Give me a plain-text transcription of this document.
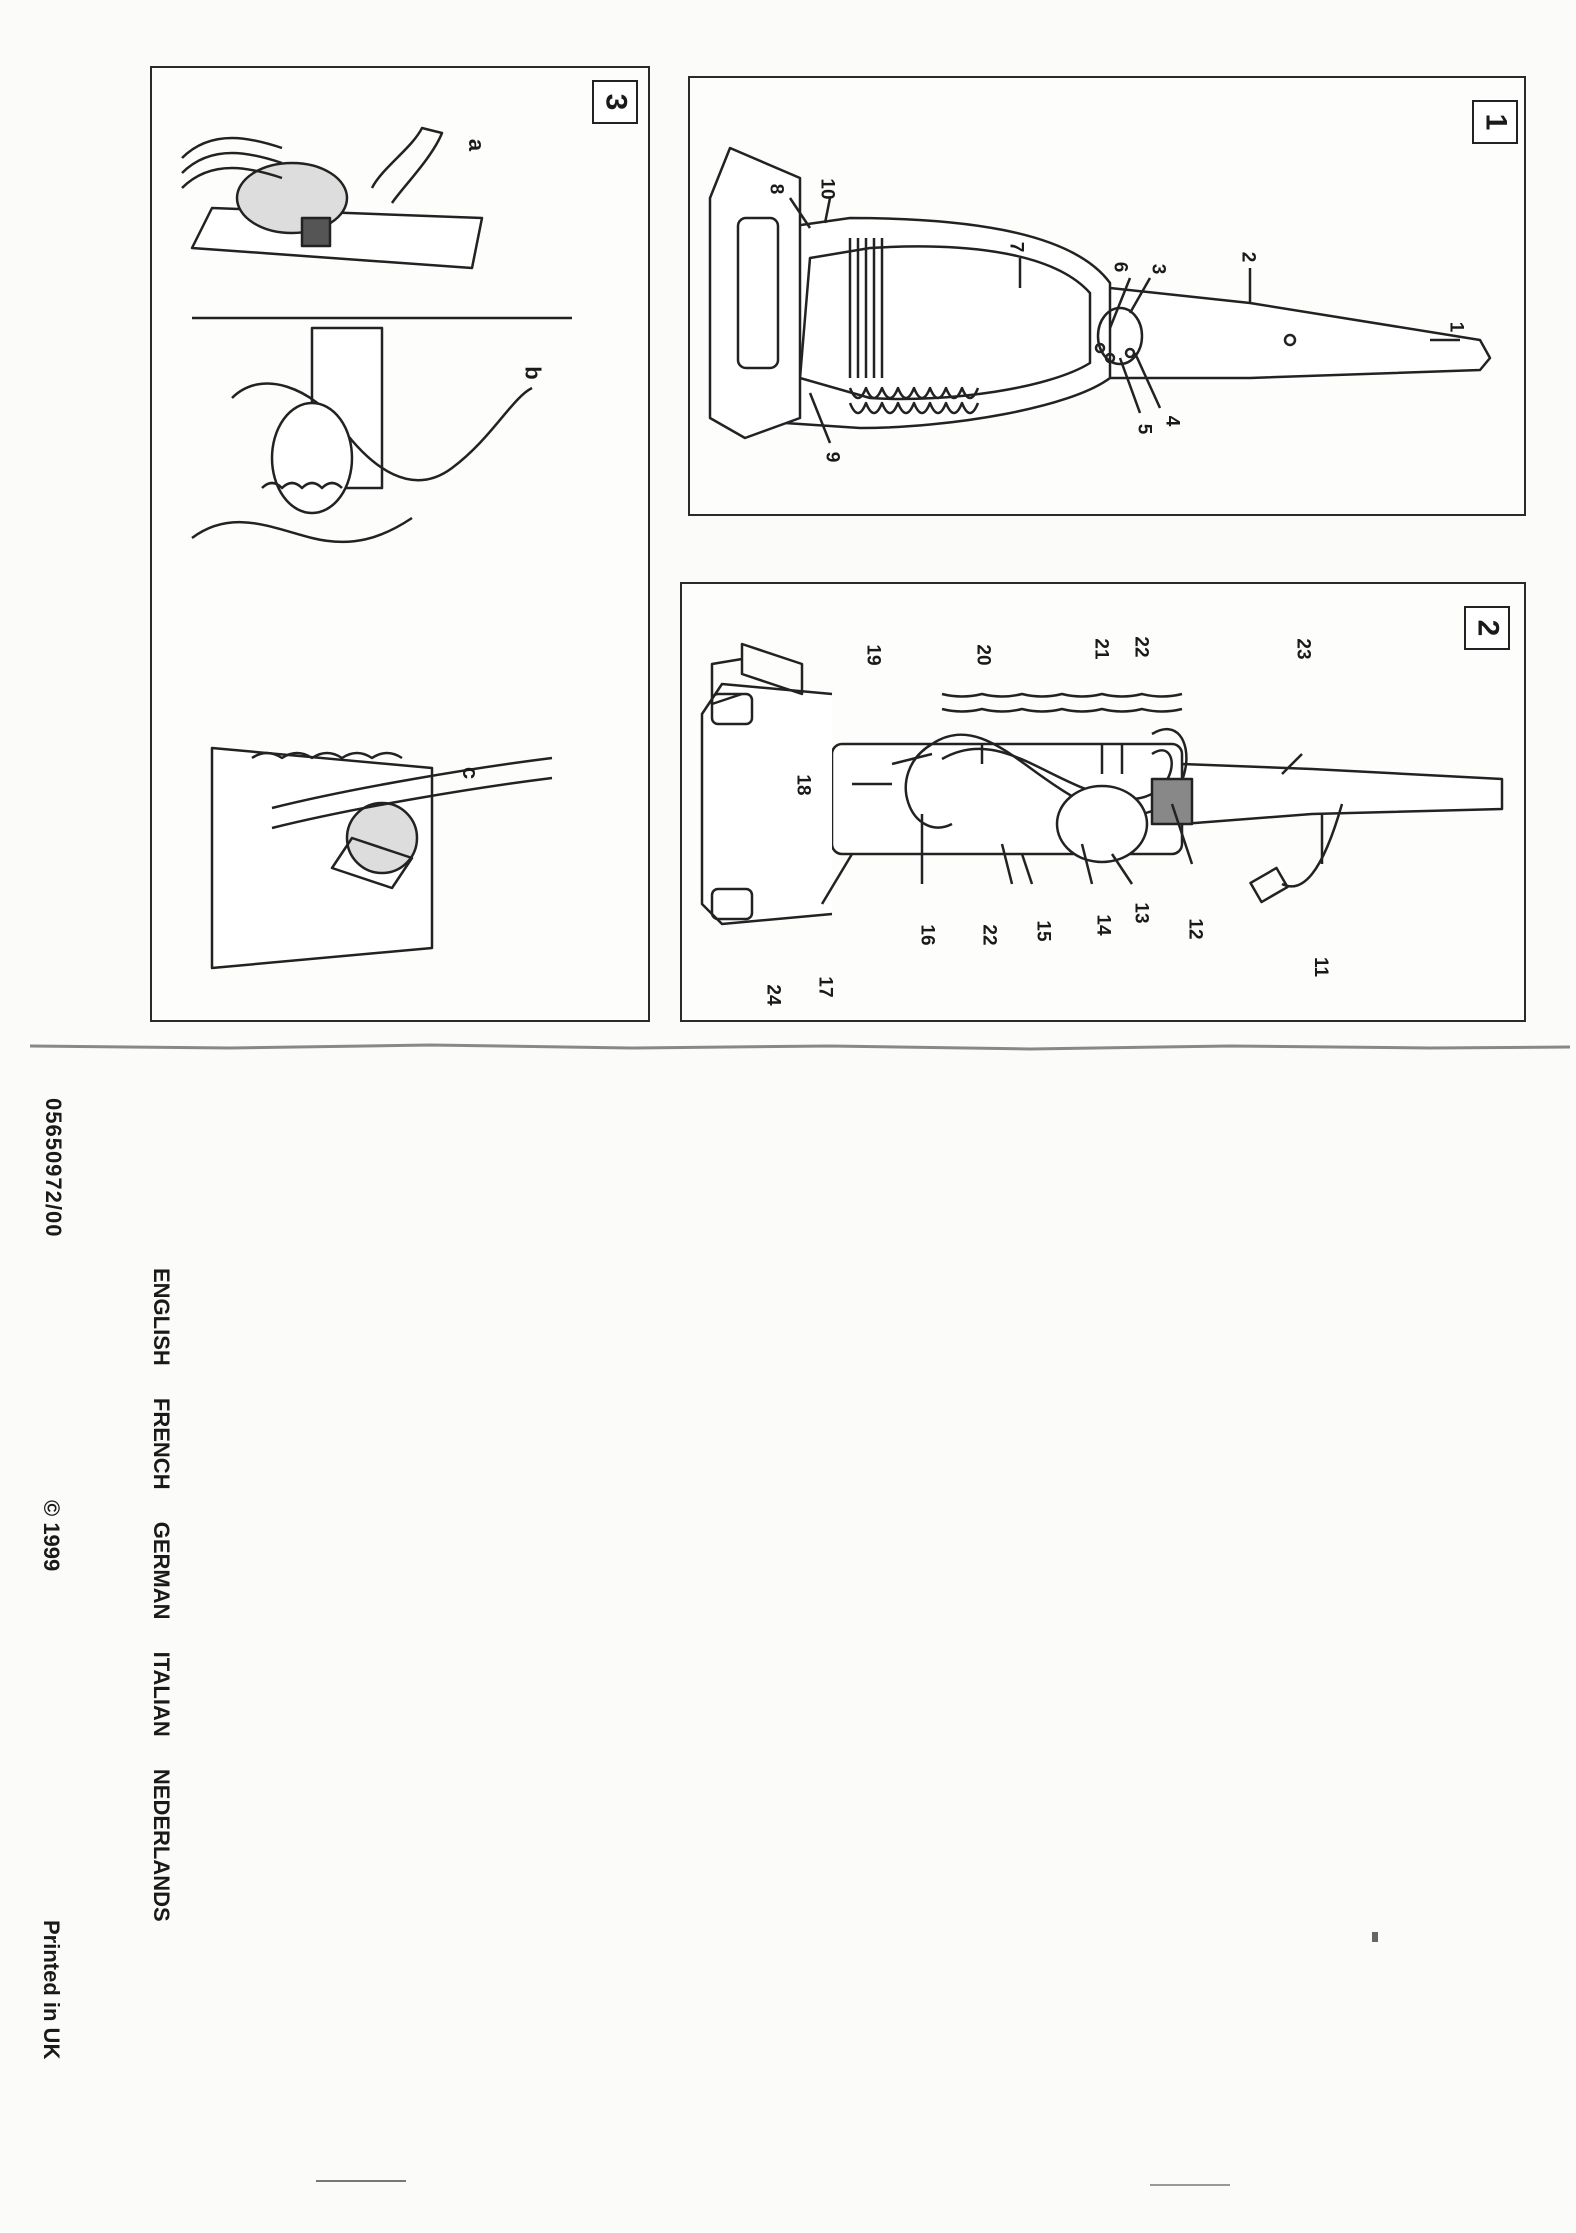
1
1
2
3
4
5
6
7
8
9
10
2
11
12
13
14
15
16
17
18
19	20	21 22
22
23
24
3
a
b
c
05650972/00
ENGLISH FRENCH GERMAN ITALIAN NEDERLANDS
© 1999
Printed in UK
